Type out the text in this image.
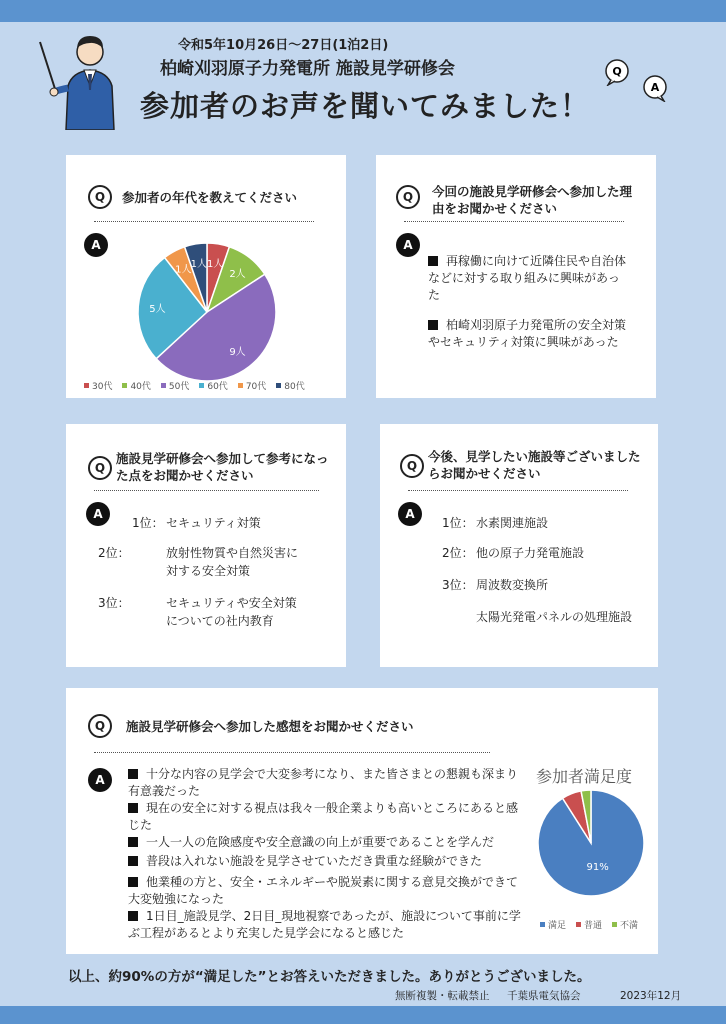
令和5年10月26日～27日(1泊2日)
柏崎刈羽原子力発電所 施設見学研修会
参加者のお声を聞いてみました！
Q
A
Q	参加者の年代を教えてください
A
1人
2人
9人
5人
1人 1人
30代	40代	50代	60代	70代	80代
Q	今回の施設見学研修会へ参加した理由をお聞かせください
A
再稼働に向けて近隣住民や自治体などに対する取り組みに興味があった
柏崎刈羽原子力発電所の安全対策やセキュリティ対策に興味があった
Q
施設見学研修会へ参加して参考になった点をお聞かせください
A
1位： セキュリティ対策
2位：	放射性物質や自然災害に対する安全対策
3位：	セキュリティや安全対策についての社内教育
Q
今後、見学したい施設等ございましたらお聞かせください
A
1位： 水素関連施設
2位： 他の原子力発電施設
3位： 周波数変換所
太陽光発電パネルの処理施設
Q	施設見学研修会へ参加した感想をお聞かせください
A	十分な内容の見学会で大変参考になり、また皆さまとの懇親も深まり有意義だった
現在の安全に対する視点は我々一般企業よりも高いところにあると感じた
一人一人の危険感度や安全意識の向上が重要であることを学んだ
普段は入れない施設を見学させていただき貴重な経験ができた
他業種の方と、安全・エネルギーや脱炭素に関する意見交換ができて大変勉強になった
1日目_施設見学、2日目_現地視察であったが、施設について事前に学ぶ工程があるとより充実した見学会になると感じた
参加者満足度
91%
満足	普通	不満
以上、約90%の方が“満足した”とお答えいただきました。ありがとうございました。
無断複製・転載禁止 千葉県電気協会	2023年12月
